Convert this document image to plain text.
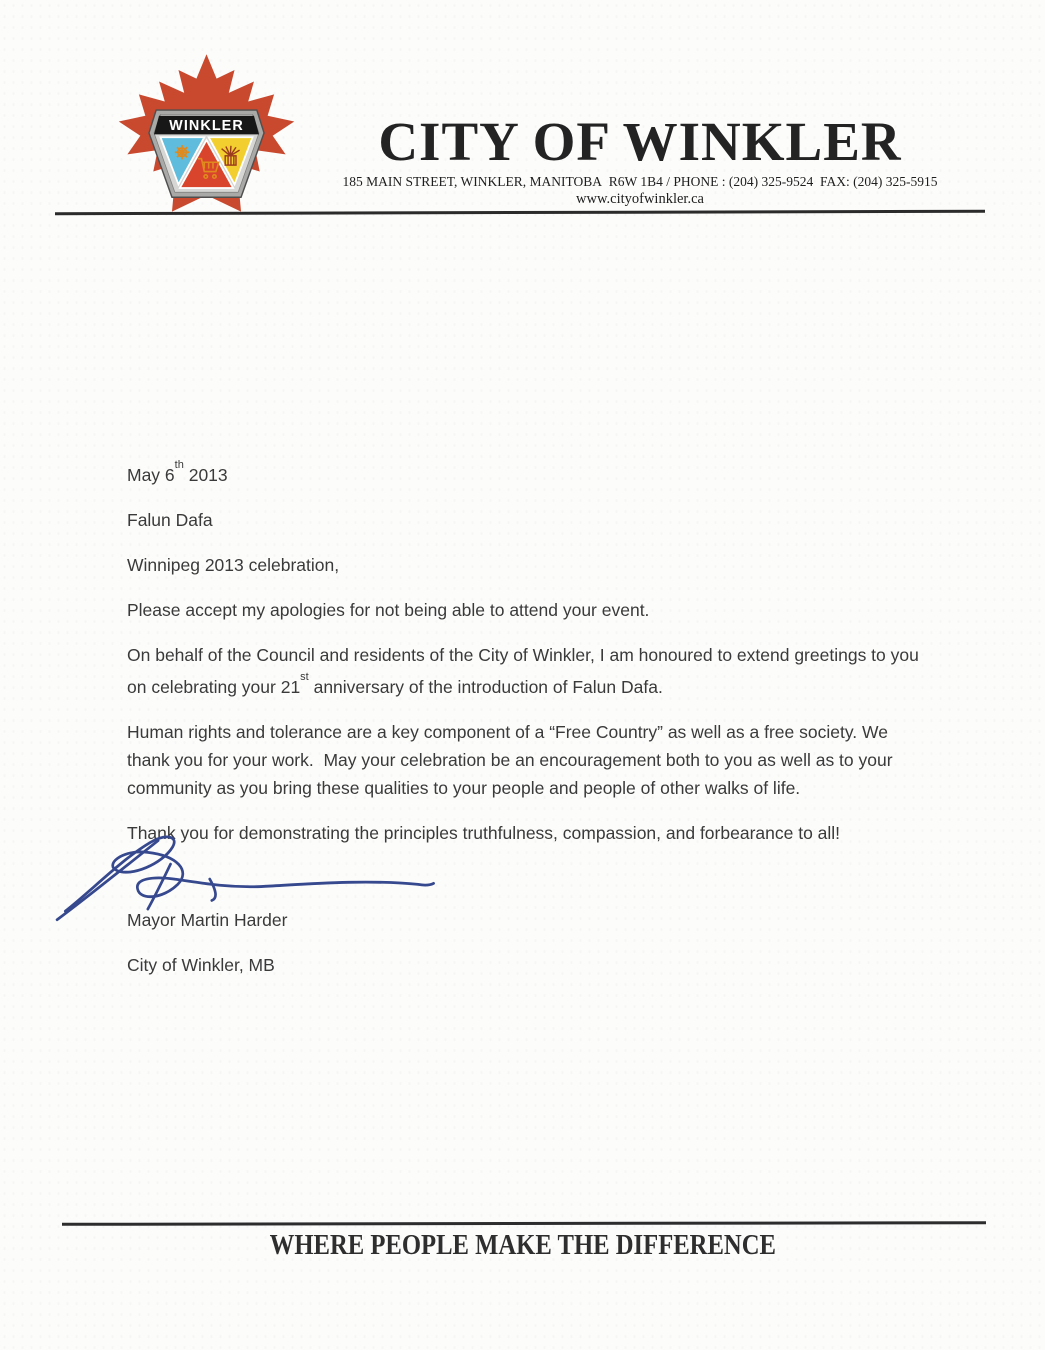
WINKLER	CITY OF WINKLER
185 MAIN STREET, WINKLER, MANITOBA  R6W 1B4 / PHONE : (204) 325-9524  FAX: (204) 325-5915
www.cityofwinkler.ca

May 6th 2013

Falun Dafa

Winnipeg 2013 celebration,

Please accept my apologies for not being able to attend your event.

On behalf of the Council and residents of the City of Winkler, I am honoured to extend greetings to you on celebrating your 21st anniversary of the introduction of Falun Dafa.

Human rights and tolerance are a key component of a “Free Country” as well as a free society. We thank you for your work.  May your celebration be an encouragement both to you as well as to your community as you bring these qualities to your people and people of other walks of life.

Thank you for demonstrating the principles truthfulness, compassion, and forbearance to all!

Mayor Martin Harder

City of Winkler, MB

WHERE PEOPLE MAKE THE DIFFERENCE
